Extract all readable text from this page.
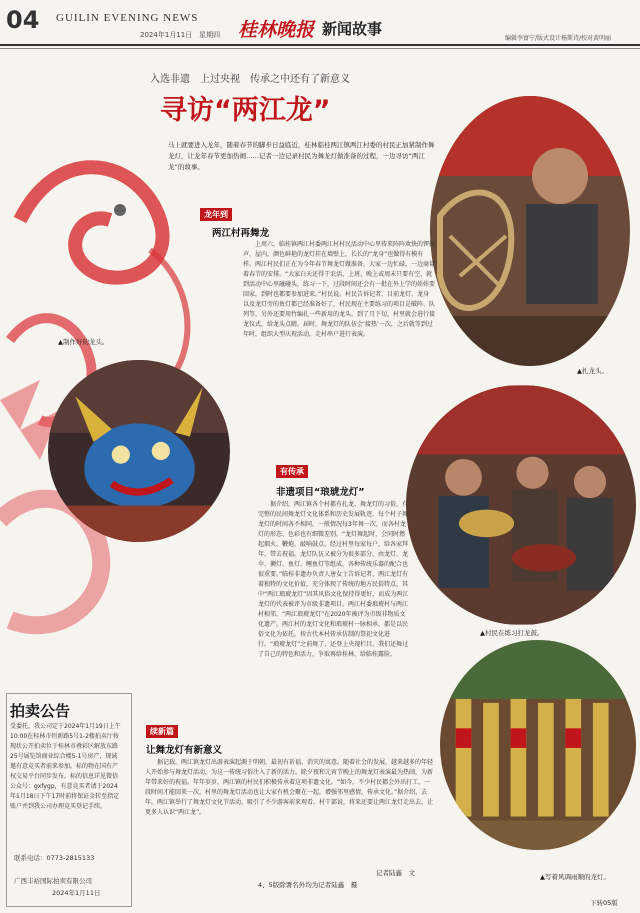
04 GUILIN EVENING NEWS
2024年1月11日　星期四 桂林晚报 新闻故事
编辑李富宁/版式设计杨斯诗/校对黄明丽
▲制作好的龙头。
入选非遗　上过央视　传承之中还有了新意义
寻访“两江龙”
马上就要进入龙年，随着春节的脚步日益临近，桂林临桂两江镇两江村委的村民正加紧制作舞龙灯，让龙年春节更加热闹……记者一边记录村民为舞龙灯做准备的过程，一边寻访“两江龙”的故事。
▲扎龙头。
龙年到
两江村再舞龙
上周六，临桂镇两江村委两江村村民活动中心里传来阵阵欢快的锣鼓声，屋内，颜色鲜艳的龙灯挂在墙壁上，长长的“龙身”也做得有模有样。两江村民们正在为今年春节舞龙灯做准备，大家一边忙碌，一边商量着春节的安排。“大家白天还得干农活，上班，晚上或周末只要有空，就到活动中心里碰碰头，练习一下，过段时间还会有一批在外上学的娃娃要回家，到时也都要参加进来。”村民说。村民告诉记者，目前龙灯、龙身以及龙灯旁的鱼灯都已经准备好了，村民现在主要练习的项目是破阵、队列等，另外还要用竹编扎一些新用的龙头。到了月下旬，村里就会进行接龙仪式，给龙头点睛。届时，舞龙灯的队伍会‘接热’一次，之后就等到过年时，组织大型庆祝活动，走村串户进行表演。
▲村民在练习打龙鼓。
有传承
非遗项目“琅琥龙灯”
据介绍，两江镇各个村都有扎龙、舞龙灯的习俗，有完整的民间舞龙灯文化体系和历史发展轨迹，每个村子舞龙灯的时间各不相同，一般情况每3年舞一次，而各村龙灯的形态、色彩也有细微差别。“龙灯舞起时，会同时燃起烟火、鞭炮，敲响鼓点。经过村里每家每户，给各家拜年，带去祝福。龙灯队伍又被分为很多部分，由龙灯、龙伞、狮灯、鱼灯、鲤鱼灯等组成，各种传统乐器的配合也很重要。”临桂非遗办负责人唐女士告诉记者，两江龙灯有着独特的文化价值，充分体现了传统的地方民俗特点，其中“两江琅琥龙灯”因其风俗文化保持得更好，而成为两江龙灯的代表被评为市级非遗项目。两江村委琅琥村与两江村相邻，“两江琅琥龙灯”在2020年被评为市级非物质文化遗产。两江村的龙灯文化和琅琥村一脉相承，都是以民俗文化为依托，按古代本村传承仿制的祭祀文化进行。“琅琥龙灯”之前舞了，还登上央视栏目，我们还舞过了自己的特色和活力，争取再给桂林、给临桂露脸。
▲写着风调雨顺的龙灯。
续新篇
让舞龙灯有新意义
据记载，两江镇龙灯出游表演起源于明朝，最初有祈福、消灾的寓意。随着社会的发展，越来越多的年轻人开始参与舞龙灯活动，为这一传统习俗注入了新的活力。除夕夜和元宵节晚上的舞龙灯表演最为热闹，为新年带来好的祝福。年年岁岁，两江镇的村民们积极传承着这项非遗文化。“如今，不少村民都会外出打工，一段时间才能回来一次，村里的舞龙灯活动也让大家有机会聚在一起，增强邻里感情，传承文化。”据介绍，去年，两江镇举行了舞龙灯文化节活动，吸引了不少游客前来观看。村干部说，将来还要让两江龙灯走出去，让更多人认识“两江龙”。
记者陆鑫　文
4、5版除署名外均为记者陆鑫　摄
下转05版
拍卖公告
受委托，我公司定于2024年1月19日上午10:00在桂林市恒新路5号1-2楼拍卖厅按现状公开拍卖位于桂林市叠彩区解放东路25号展览馆商业综合楼5-1号房产，现诚邀有意竞买者前来参加。标的物在国有产权交易平台同步发布。标的信息详见微信公众号：gxfygp，有意竞买者请于2024年1月18日下午17时前将保证金转至指定账户并到我公司办理竞买登记手续。
联系电话：0773-2815133
广西丰裕国际拍卖有限公司
2024年1月11日
